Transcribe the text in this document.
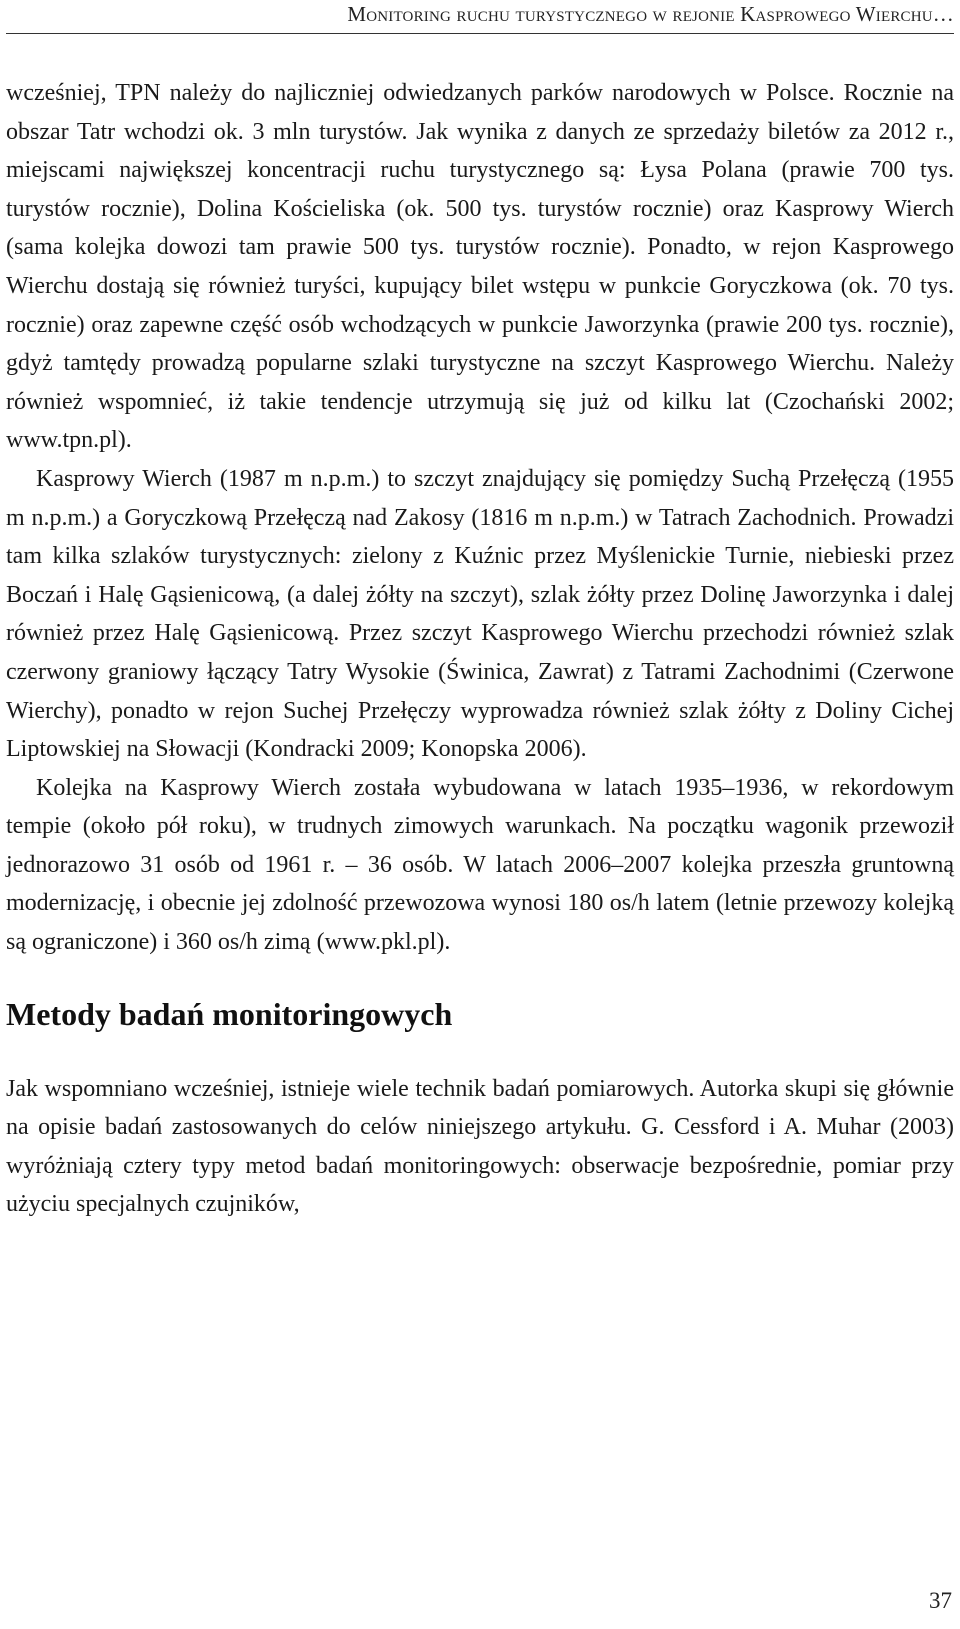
Monitoring ruchu turystycznego w rejonie Kasprowego Wierchu…

wcześniej, TPN należy do najliczniej odwiedzanych parków narodowych w Polsce. Rocznie na obszar Tatr wchodzi ok. 3 mln turystów. Jak wynika z danych ze sprzedaży biletów za 2012 r., miejscami największej koncentracji ruchu turystycznego są: Łysa Polana (prawie 700 tys. turystów rocznie), Dolina Kościeliska (ok. 500 tys. turystów rocznie) oraz Kasprowy Wierch (sama kolejka dowozi tam prawie 500 tys. turystów rocznie). Ponadto, w rejon Kasprowego Wierchu dostają się również turyści, kupujący bilet wstępu w punkcie Goryczkowa (ok. 70 tys. rocznie) oraz zapewne część osób wchodzących w punkcie Jaworzynka (prawie 200 tys. rocznie), gdyż tamtędy prowadzą popularne szlaki turystyczne na szczyt Kasprowego Wierchu. Należy również wspomnieć, iż takie tendencje utrzymują się już od kilku lat (Czochański 2002; www.tpn.pl).

Kasprowy Wierch (1987 m n.p.m.) to szczyt znajdujący się pomiędzy Suchą Przełęczą (1955 m n.p.m.) a Goryczkową Przełęczą nad Zakosy (1816 m n.p.m.) w Tatrach Zachodnich. Prowadzi tam kilka szlaków turystycznych: zielony z Kuźnic przez Myślenickie Turnie, niebieski przez Boczań i Halę Gąsienicową, (a dalej żółty na szczyt), szlak żółty przez Dolinę Jaworzynka i dalej również przez Halę Gąsienicową. Przez szczyt Kasprowego Wierchu przechodzi również szlak czerwony graniowy łączący Tatry Wysokie (Świnica, Zawrat) z Tatrami Zachodnimi (Czerwone Wierchy), ponadto w rejon Suchej Przełęczy wyprowadza również szlak żółty z Doliny Cichej Liptowskiej na Słowacji (Kondracki 2009; Konopska 2006).

Kolejka na Kasprowy Wierch została wybudowana w latach 1935–1936, w rekordowym tempie (około pół roku), w trudnych zimowych warunkach. Na początku wagonik przewoził jednorazowo 31 osób od 1961 r. – 36 osób. W latach 2006–2007 kolejka przeszła gruntowną modernizację, i obecnie jej zdolność przewozowa wynosi 180 os/h latem (letnie przewozy kolejką są ograniczone) i 360 os/h zimą (www.pkl.pl).

Metody badań monitoringowych

Jak wspomniano wcześniej, istnieje wiele technik badań pomiarowych. Autorka skupi się głównie na opisie badań zastosowanych do celów niniejszego artykułu. G. Cessford i A. Muhar (2003) wyróżniają cztery typy metod badań monitoringowych: obserwacje bezpośrednie, pomiar przy użyciu specjalnych czujników,

37
